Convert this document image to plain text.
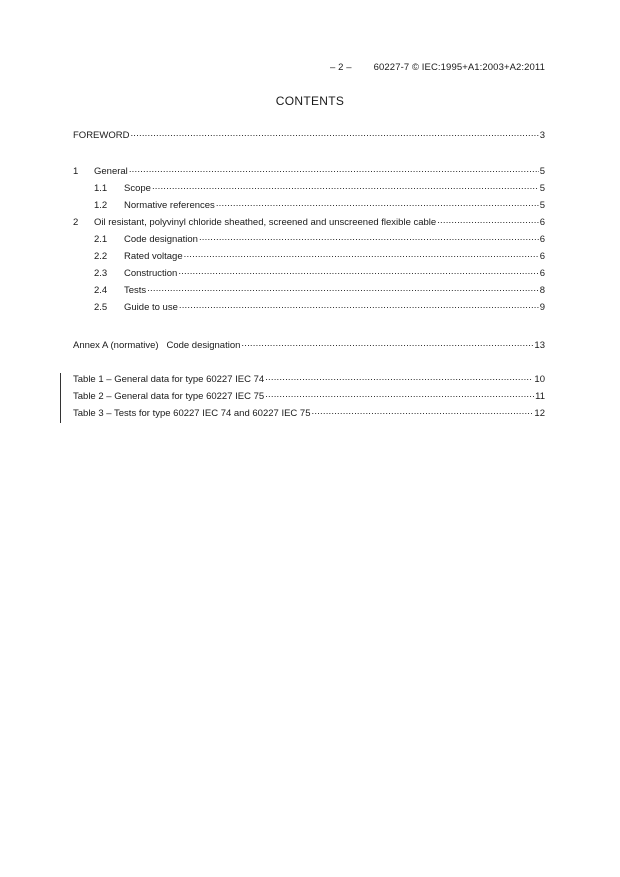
– 2 – 60227-7 © IEC:1995+A1:2003+A2:2011
CONTENTS
FOREWORD .....	3
1	General .....	5
1.1	Scope .....	5
1.2	Normative references .....	5
2	Oil resistant, polyvinyl chloride sheathed, screened and unscreened flexible cable .....	6
2.1	Code designation .....	6
2.2	Rated voltage .....	6
2.3	Construction .....	6
2.4	Tests .....	8
2.5	Guide to use .....	9
Annex A (normative)   Code designation .....	13
Table 1 – General data for type 60227 IEC 74 .....	10
Table 2 – General data for type 60227 IEC 75 .....	11
Table 3 – Tests for type 60227 IEC 74 and 60227 IEC 75 .....	12
